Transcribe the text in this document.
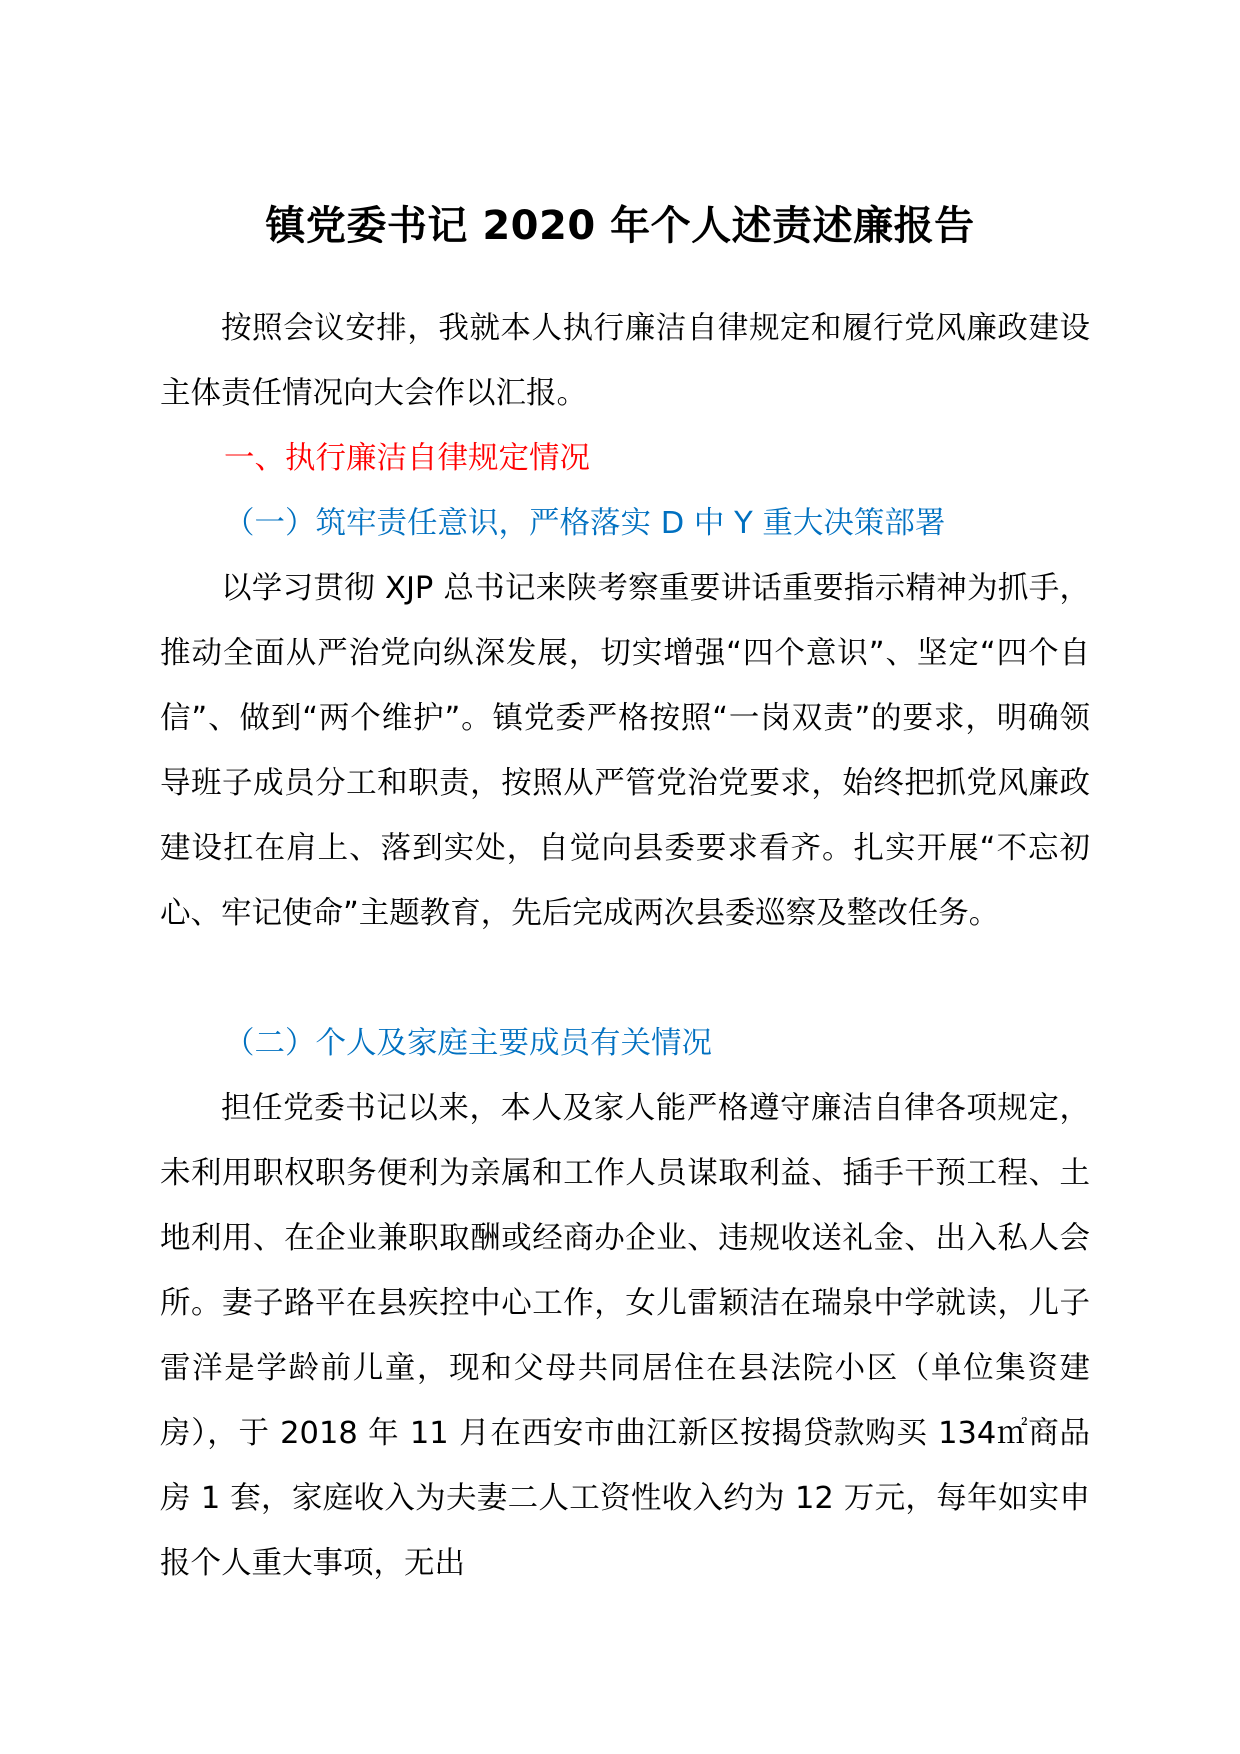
镇党委书记 2020 年个人述责述廉报告

按照会议安排，我就本人执行廉洁自律规定和履行党风廉政建设主体责任情况向大会作以汇报。

一、执行廉洁自律规定情况

（一）筑牢责任意识，严格落实 D 中 Y 重大决策部署

以学习贯彻 XJP 总书记来陕考察重要讲话重要指示精神为抓手，推动全面从严治党向纵深发展，切实增强“四个意识”、坚定“四个自信”、做到“两个维护”。镇党委严格按照“一岗双责”的要求，明确领导班子成员分工和职责，按照从严管党治党要求，始终把抓党风廉政建设扛在肩上、落到实处，自觉向县委要求看齐。扎实开展“不忘初心、牢记使命”主题教育，先后完成两次县委巡察及整改任务。

（二）个人及家庭主要成员有关情况

担任党委书记以来，本人及家人能严格遵守廉洁自律各项规定，未利用职权职务便利为亲属和工作人员谋取利益、插手干预工程、土地利用、在企业兼职取酬或经商办企业、违规收送礼金、出入私人会所。妻子路平在县疾控中心工作，女儿雷颖洁在瑞泉中学就读，儿子雷洋是学龄前儿童，现和父母共同居住在县法院小区（单位集资建房），于 2018 年 11 月在西安市曲江新区按揭贷款购买 134㎡商品房 1 套，家庭收入为夫妻二人工资性收入约为 12 万元，每年如实申报个人重大事项，无出
